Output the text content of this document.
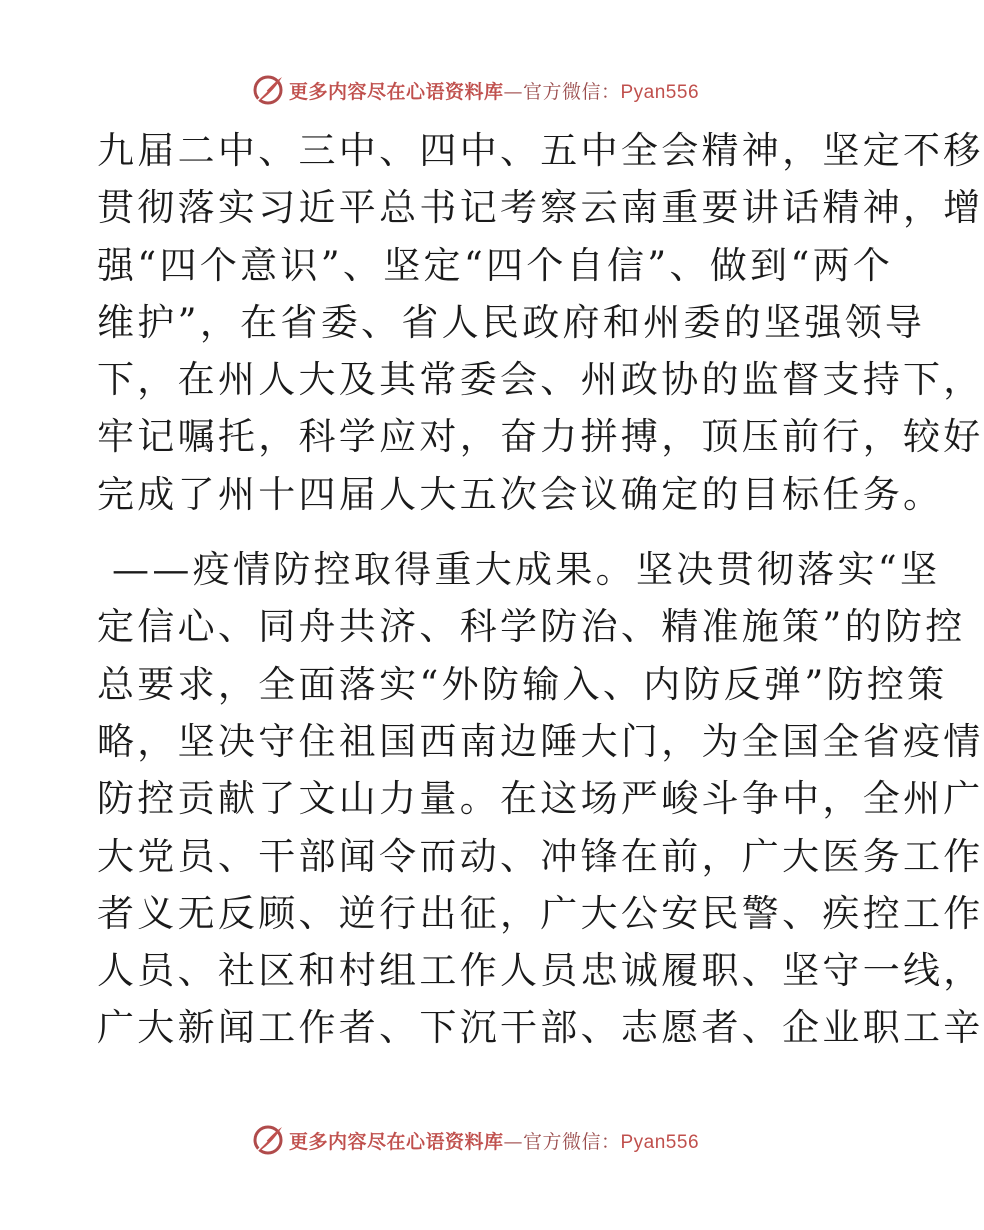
更多内容尽在心语资料库—官方微信：Pyan556
九届二中、三中、四中、五中全会精神，坚定不移
贯彻落实习近平总书记考察云南重要讲话精神，增
强“四个意识”、坚定“四个自信”、做到“两个
维护”，在省委、省人民政府和州委的坚强领导
下，在州人大及其常委会、州政协的监督支持下，
牢记嘱托，科学应对，奋力拼搏，顶压前行，较好
完成了州十四届人大五次会议确定的目标任务。
——疫情防控取得重大成果。坚决贯彻落实“坚
定信心、同舟共济、科学防治、精准施策”的防控
总要求，全面落实“外防输入、内防反弹”防控策
略，坚决守住祖国西南边陲大门，为全国全省疫情
防控贡献了文山力量。在这场严峻斗争中，全州广
大党员、干部闻令而动、冲锋在前，广大医务工作
者义无反顾、逆行出征，广大公安民警、疾控工作
人员、社区和村组工作人员忠诚履职、坚守一线，
广大新闻工作者、下沉干部、志愿者、企业职工辛
更多内容尽在心语资料库—官方微信：Pyan556
